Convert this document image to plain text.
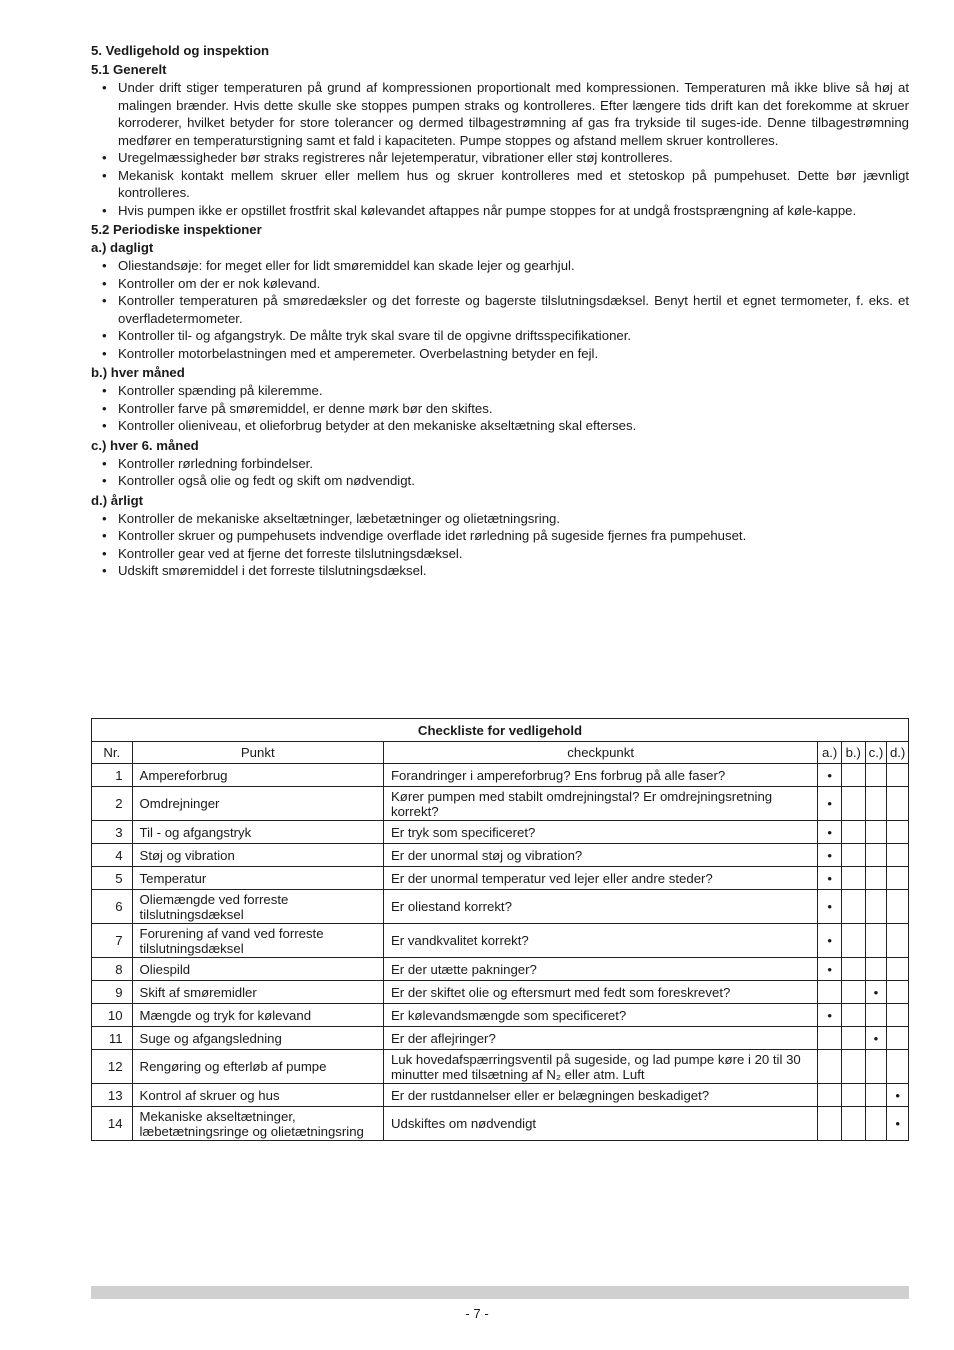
5. Vedligehold og inspektion
5.1 Generelt
• Under drift stiger temperaturen på grund af kompressionen proportionalt med kompressionen. Temperaturen må ikke blive så høj at malingen brænder. Hvis dette skulle ske stoppes pumpen straks og kontrolleres. Efter længere tids drift kan det forekomme at skruer korroderer, hvilket betyder for store tolerancer og dermed tilbagestrømning af gas fra trykside til suges-ide. Denne tilbagestrømning medfører en temperaturstigning samt et fald i kapaciteten. Pumpe stoppes og afstand mellem skruer kontrolleres.
• Uregelmæssigheder bør straks registreres når lejetemperatur, vibrationer eller støj kontrolleres.
• Mekanisk kontakt mellem skruer eller mellem hus og skruer kontrolleres med et stetoskop på pumpehuset. Dette bør jævnligt kontrolleres.
• Hvis pumpen ikke er opstillet frostfrit skal kølevandet aftappes når pumpe stoppes for at undgå frostsprængning af køle-kappe.
5.2 Periodiske inspektioner
a.) dagligt
• Oliestandsøje: for meget eller for lidt smøremiddel kan skade lejer og gearhjul.
• Kontroller om der er nok kølevand.
• Kontroller temperaturen på smøredæksler og det forreste og bagerste tilslutningsdæksel. Benyt hertil et egnet termometer, f. eks. et overfladetermometer.
• Kontroller til- og afgangstryk. De målte tryk skal svare til de opgivne driftsspecifikationer.
• Kontroller motorbelastningen med et amperemeter. Overbelastning betyder en fejl.
b.) hver måned
• Kontroller spænding på kileremme.
• Kontroller farve på smøremiddel, er denne mørk bør den skiftes.
• Kontroller olieniveau, et olieforbrug betyder at den mekaniske akseltætning skal efterses.
c.) hver 6. måned
• Kontroller rørledning forbindelser.
• Kontroller også olie og fedt og skift om nødvendigt.
d.) årligt
• Kontroller de mekaniske akseltætninger, læbetætninger og olietætningsring.
• Kontroller skruer og pumpehusets indvendige overflade idet rørledning på sugeside fjernes fra pumpehuset.
• Kontroller gear ved at fjerne det forreste tilslutningsdæksel.
• Udskift smøremiddel i det forreste tilslutningsdæksel.
Checkliste for vedligehold						
Nr.	Punkt	checkpunkt	a.)	b.)	c.)	d.)
1	Ampereforbrug	Forandringer i ampereforbrug? Ens forbrug på alle faser?	•			
2	Omdrejninger	Kører pumpen med stabilt omdrejningstal? Er omdrejningsretning korrekt?	•			
3	Til - og afgangstryk	Er tryk som specificeret?	•			
4	Støj og vibration	Er der unormal støj og vibration?	•			
5	Temperatur	Er der unormal temperatur ved lejer eller andre steder?	•			
6	Oliemængde ved forreste tilslutningsdæksel	Er oliestand korrekt?	•			
7	Forurening af vand ved forreste tilslutningsdæksel	Er vandkvalitet korrekt?	•			
8	Oliespild	Er der utætte pakninger?	•			
9	Skift af smøremidler	Er der skiftet olie og eftersmurt med fedt som foreskrevet?			•	
10	Mængde og tryk for kølevand	Er kølevandsmængde som specificeret?	•			
11	Suge og afgangsledning	Er der aflejringer?			•	
12	Rengøring og efterløb af pumpe	Luk hovedafspærringsventil på sugeside, og lad pumpe køre i 20 til 30 minutter med tilsætning af N₂ eller atm. Luft				
13	Kontrol af skruer og hus	Er der rustdannelser eller er belægningen beskadiget?				•
14	Mekaniske akseltætninger, læbetætningsringe og olietætningsring	Udskiftes om nødvendigt				•
- 7 -
